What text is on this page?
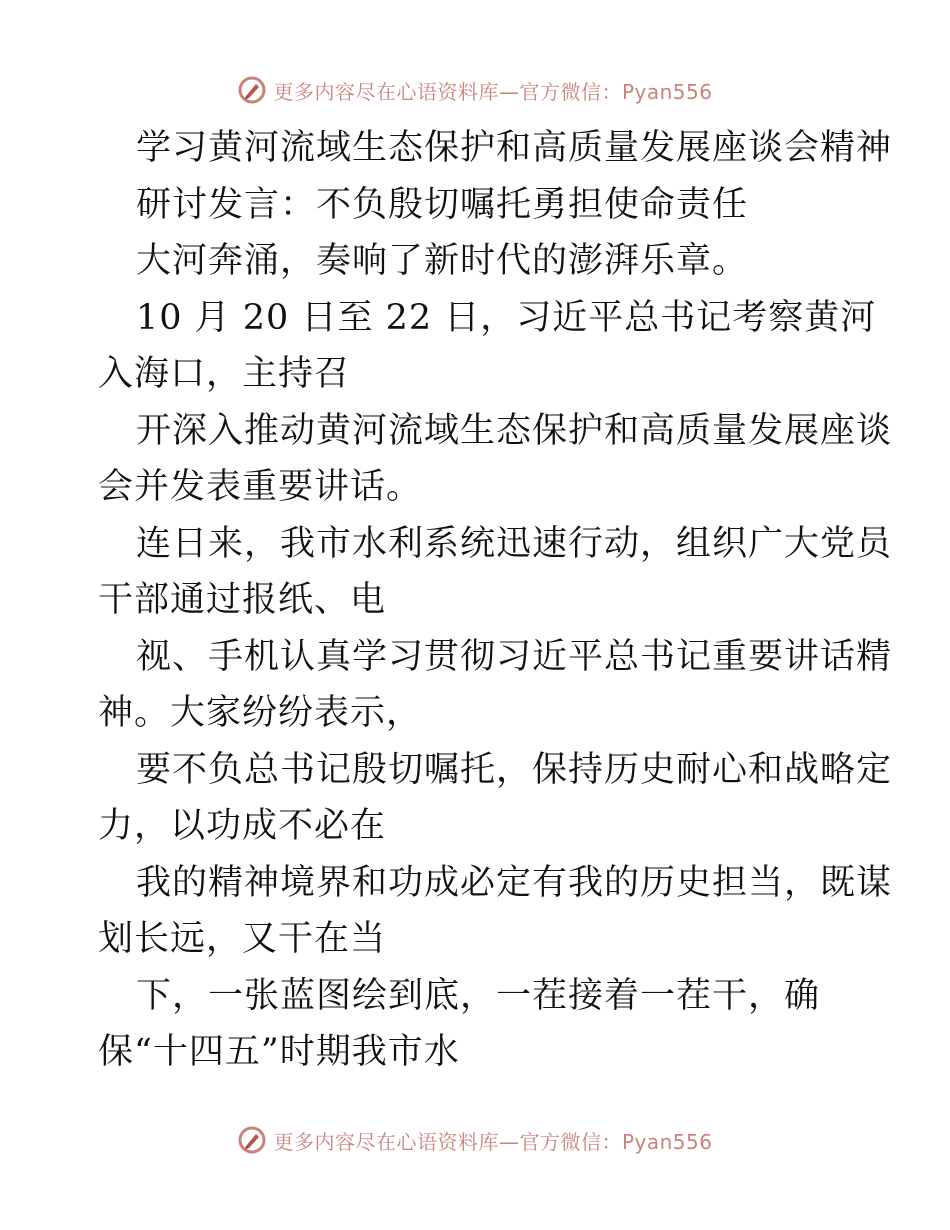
更多内容尽在心语资料库—官方微信：Pyan556
学习黄河流域生态保护和高质量发展座谈会精神
研讨发言：不负殷切嘱托勇担使命责任
大河奔涌，奏响了新时代的澎湃乐章。
10 月 20 日至 22 日，习近平总书记考察黄河
入海口，主持召
开深入推动黄河流域生态保护和高质量发展座谈
会并发表重要讲话。
连日来，我市水利系统迅速行动，组织广大党员
干部通过报纸、电
视、手机认真学习贯彻习近平总书记重要讲话精
神。大家纷纷表示，
要不负总书记殷切嘱托，保持历史耐心和战略定
力，以功成不必在
我的精神境界和功成必定有我的历史担当，既谋
划长远，又干在当
下，一张蓝图绘到底，一茬接着一茬干，确
保“十四五”时期我市水
更多内容尽在心语资料库—官方微信：Pyan556
